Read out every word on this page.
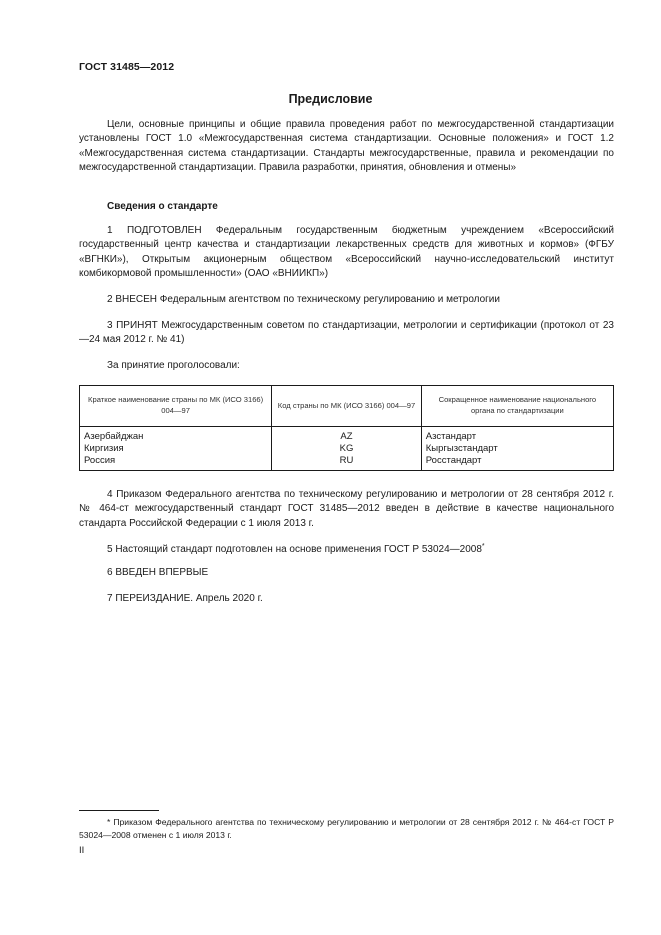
ГОСТ 31485—2012
Предисловие
Цели, основные принципы и общие правила проведения работ по межгосударственной стандартизации установлены ГОСТ 1.0 «Межгосударственная система стандартизации. Основные положения» и ГОСТ 1.2 «Межгосударственная система стандартизации. Стандарты межгосударственные, правила и рекомендации по межгосударственной стандартизации. Правила разработки, принятия, обновления и отмены»
Сведения о стандарте
1 ПОДГОТОВЛЕН Федеральным государственным бюджетным учреждением «Всероссийский государственный центр качества и стандартизации лекарственных средств для животных и кормов» (ФГБУ «ВГНКИ»), Открытым акционерным обществом «Всероссийский научно-исследовательский институт комбикормовой промышленности» (ОАО «ВНИИКП»)
2 ВНЕСЕН Федеральным агентством по техническому регулированию и метрологии
3 ПРИНЯТ Межгосударственным советом по стандартизации, метрологии и сертификации (протокол от 23—24 мая 2012 г. № 41)
За принятие проголосовали:
Краткое наименование страны по МК (ИСО 3166) 004—97	Код страны по МК (ИСО 3166) 004—97	Сокращенное наименование национального органа по стандартизации
Азербайджан	AZ	Азстандарт
Киргизия	KG	Кыргызстандарт
Россия	RU	Росстандарт
4 Приказом Федерального агентства по техническому регулированию и метрологии от 28 сентября 2012 г. № 464-ст межгосударственный стандарт ГОСТ 31485—2012 введен в действие в качестве национального стандарта Российской Федерации с 1 июля 2013 г.
5 Настоящий стандарт подготовлен на основе применения ГОСТ Р 53024—2008*
6 ВВЕДЕН ВПЕРВЫЕ
7 ПЕРЕИЗДАНИЕ. Апрель 2020 г.
* Приказом Федерального агентства по техническому регулированию и метрологии от 28 сентября 2012 г. № 464-ст ГОСТ Р 53024—2008 отменен с 1 июля 2013 г.
II
